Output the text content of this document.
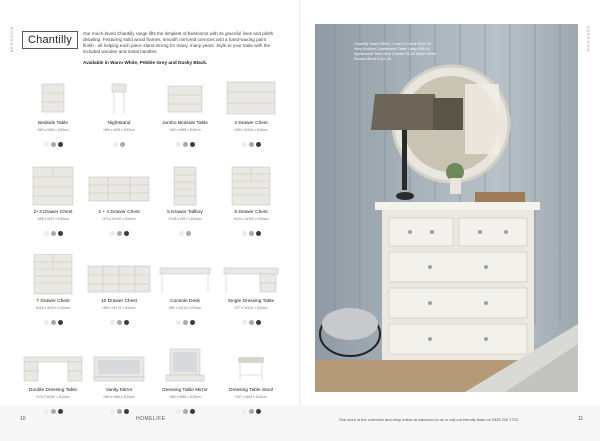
BEDROOM	BEDROOM
Chantilly
Our much-loved Chantilly range lifts the simplest of bedrooms with its graceful lines and plinth detailing. Featuring solid wood frames, smooth mirrored cornices and a hand-waxing paint finish - all helping each piece stand strong for many, many years. Style to your taste with the included wooden and metal handles.
Available in Warm White, Pebble Grey and Dusky Black.
Bedside Table
H60 x W45 x D40cm
Nightstand
H65 x W35 x D32cm
Jumbo Bedside Table
H60 x W65 x D40cm
3 Drawer Chest
H80 x W100 x D40cm
2+3 Drawer Chest
H98 x W97 x D40cm
3 + 4 Drawer Chest
H74 x W140 x D40cm
5 Drawer Tallboy
H105 x W57 x D40cm
6 Drawer Chest
H100 x W100 x D40cm
7 Drawer Chest
H115 x W101 x D40cm
10 Drawer Chest
H80 x W170 x D40cm
Console Desk
H80 x W110 x D40cm
Single Dressing Table
H77 x W120 x D40cm
Double Dressing Table
H76 x W150 x D42cm
Vanity Mirror
H60 x W80 x D24cm
Dressing Table Mirror
H60 x W50 x D15cm
Dressing Table Stool
H47 x W44 x D33cm
Chantilly Warm White 2 over 3 Chest £545.00 Vinyl Antique Candlestick Table Lamp £58.00 Sparkwood Twin Wick Candle £9.00 Sable White Round Mirror £142.00
10	HOMELIFE	See more of the collection and shop online at oakworld.co.uk or call our friendly team on 0333 200 1725	11
